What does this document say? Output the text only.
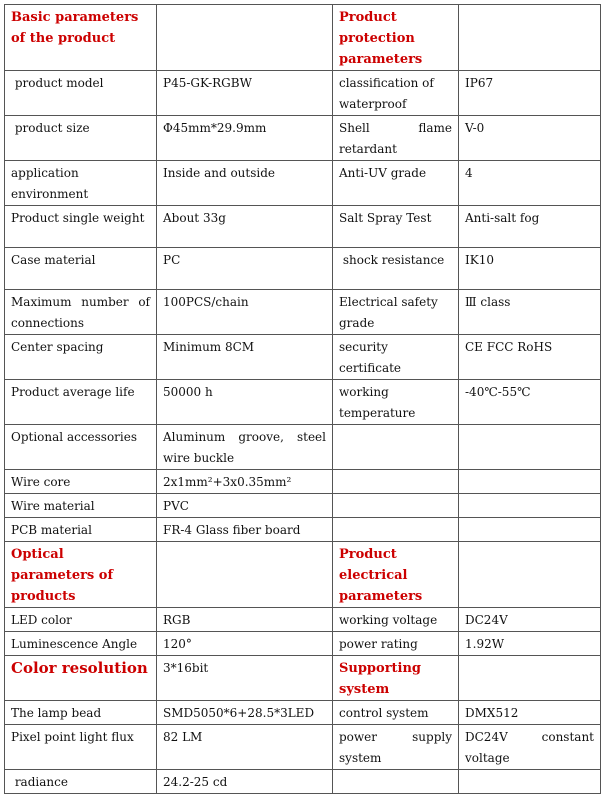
Basic parameters of the product		Product protection parameters	
product model	P45-GK-RGBW	classification of waterproof	IP67
product size	Φ45mm*29.9mm	Shell flame retardant	V-0
application environment	Inside and outside	Anti-UV grade	4
Product single weight	About 33g	Salt Spray Test	Anti-salt fog
Case material	PC	shock resistance	IK10
Maximum number of connections	100PCS/chain	Electrical safety grade	Ⅲ class
Center spacing	Minimum 8CM	security certificate	CE FCC RoHS
Product average life	50000 h	working temperature	-40℃-55℃
Optional accessories	Aluminum groove, steel wire buckle		
Wire core	2x1mm²+3x0.35mm²		
Wire material	PVC		
PCB material	FR-4 Glass fiber board		
Optical parameters of products		Product electrical parameters	
LED color	RGB	working voltage	DC24V
Luminescence Angle	120°	power rating	1.92W
Color resolution	3*16bit	Supporting system	
The lamp bead	SMD5050*6+28.5*3LED	control system	DMX512
Pixel point light flux	82 LM	power supply system	DC24V constant voltage
radiance	24.2-25 cd		
